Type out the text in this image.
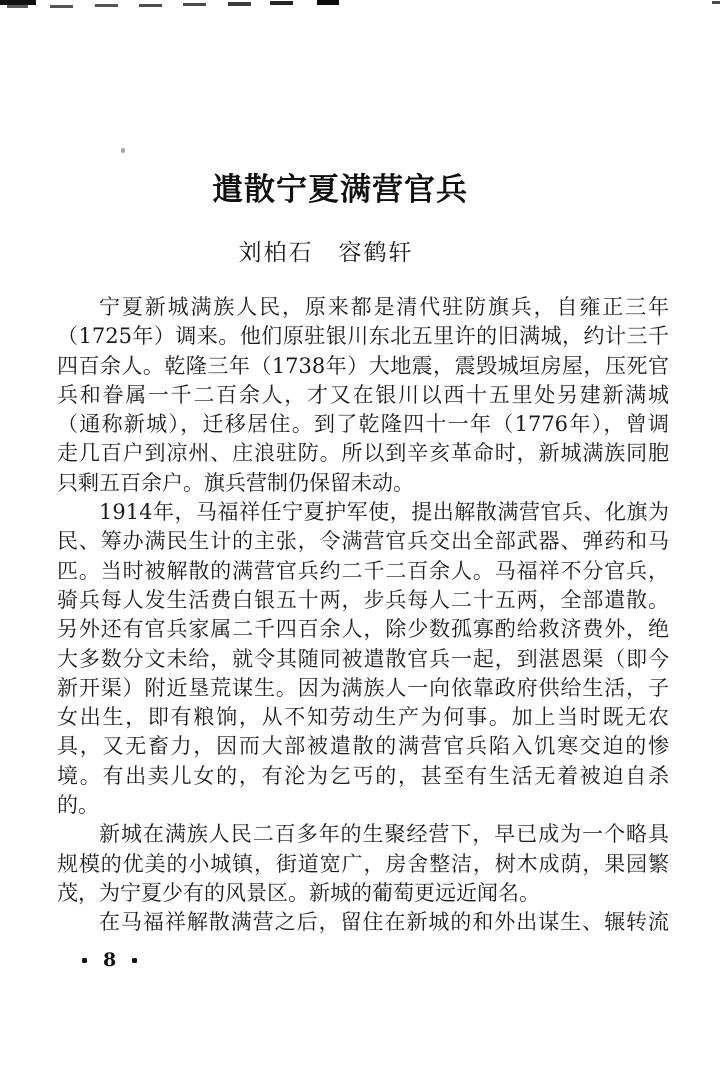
遣散宁夏满营官兵
刘柏石　容鹤轩
宁夏新城满族人民，原来都是清代驻防旗兵，自雍正三年
（1725年）调来。他们原驻银川东北五里许的旧满城，约计三千
四百余人。乾隆三年（1738年）大地震，震毁城垣房屋，压死官
兵和眷属一千二百余人，才又在银川以西十五里处另建新满城
（通称新城），迁移居住。到了乾隆四十一年（1776年），曾调
走几百户到凉州、庄浪驻防。所以到辛亥革命时，新城满族同胞
只剩五百余户。旗兵营制仍保留未动。
1914年，马福祥任宁夏护军使，提出解散满营官兵、化旗为
民、筹办满民生计的主张，令满营官兵交出全部武器、弹药和马
匹。当时被解散的满营官兵约二千二百余人。马福祥不分官兵，
骑兵每人发生活费白银五十两，步兵每人二十五两，全部遣散。
另外还有官兵家属二千四百余人，除少数孤寡酌给救济费外，绝
大多数分文未给，就令其随同被遣散官兵一起，到湛恩渠（即今
新开渠）附近垦荒谋生。因为满族人一向依靠政府供给生活，子
女出生，即有粮饷，从不知劳动生产为何事。加上当时既无农
具，又无畜力，因而大部被遣散的满营官兵陷入饥寒交迫的惨
境。有出卖儿女的，有沦为乞丐的，甚至有生活无着被迫自杀
的。
新城在满族人民二百多年的生聚经营下，早已成为一个略具
规模的优美的小城镇，街道宽广，房舍整洁，树木成荫，果园繁
茂，为宁夏少有的风景区。新城的葡萄更远近闻名。
在马福祥解散满营之后，留住在新城的和外出谋生、辗转流
8
